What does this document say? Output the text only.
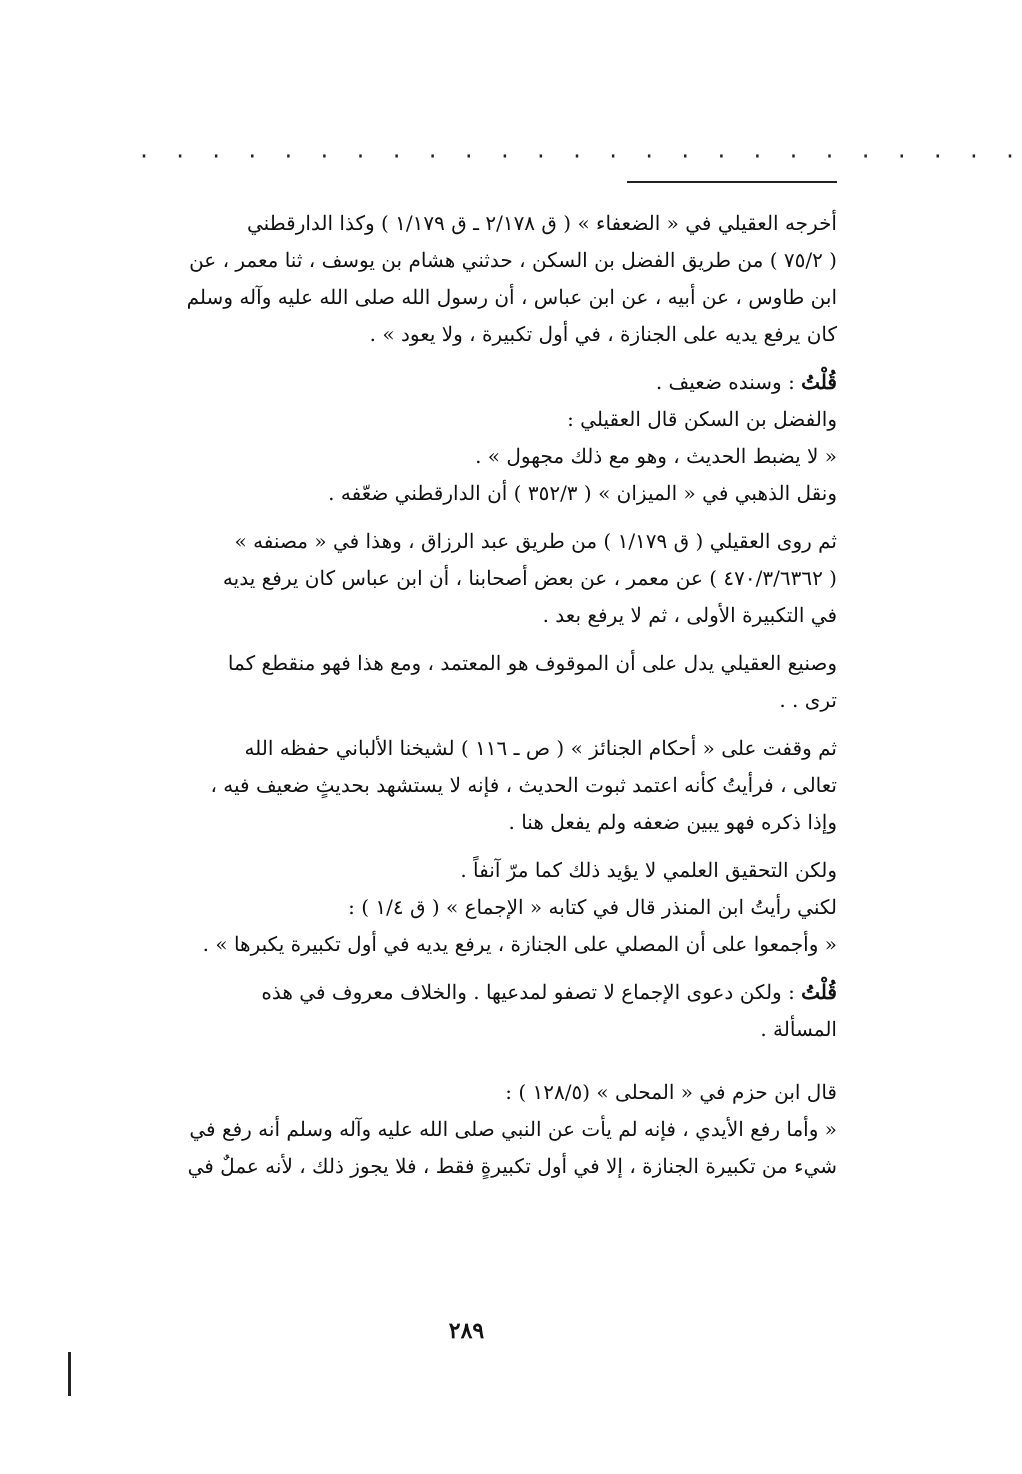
· · · · · · · · · · · · · · · · · · · · · · · · ·
أخرجه العقيلي في « الضعفاء » ( ق ٢/١٧٨ ـ ق ١/١٧٩ ) وكذا الدارقطني
( ٧٥/٢ ) من طريق الفضل بن السكن ، حدثني هشام بن يوسف ، ثنا معمر ، عن
ابن طاوس ، عن أبيه ، عن ابن عباس ، أن رسول الله صلى الله عليه وآله وسلم
كان يرفع يديه على الجنازة ، في أول تكبيرة ، ولا يعود » .
قُلْتُ : وسنده ضعيف .
والفضل بن السكن قال العقيلي :
« لا يضبط الحديث ، وهو مع ذلك مجهول » .
ونقل الذهبي في « الميزان » ( ٣٥٢/٣ ) أن الدارقطني ضعّفه .
ثم روى العقيلي ( ق ١/١٧٩ ) من طريق عبد الرزاق ، وهذا في « مصنفه »
( ٤٧٠/٣/٦٣٦٢ ) عن معمر ، عن بعض أصحابنا ، أن ابن عباس كان يرفع يديه
في التكبيرة الأولى ، ثم لا يرفع بعد .
وصنيع العقيلي يدل على أن الموقوف هو المعتمد ، ومع هذا فهو منقطع كما
ترى . .
ثم وقفت على « أحكام الجنائز » ( ص ـ ١١٦ ) لشيخنا الألباني حفظه الله
تعالى ، فرأيتُ كأنه اعتمد ثبوت الحديث ، فإنه لا يستشهد بحديثٍ ضعيف فيه ،
وإذا ذكره فهو يبين ضعفه ولم يفعل هنا .
ولكن التحقيق العلمي لا يؤيد ذلك كما مرّ آنفاً .
لكني رأيتُ ابن المنذر قال في كتابه « الإجماع » ( ق ١/٤ ) :
« وأجمعوا على أن المصلي على الجنازة ، يرفع يديه في أول تكبيرة يكبرها » .
قُلْتُ : ولكن دعوى الإجماع لا تصفو لمدعيها . والخلاف معروف في هذه
المسألة .
قال ابن حزم في « المحلى » (١٢٨/٥ ) :
« وأما رفع الأيدي ، فإنه لم يأت عن النبي صلى الله عليه وآله وسلم أنه رفع في
شيء من تكبيرة الجنازة ، إلا في أول تكبيرةٍ فقط ، فلا يجوز ذلك ، لأنه عملٌ في
٢٨٩
